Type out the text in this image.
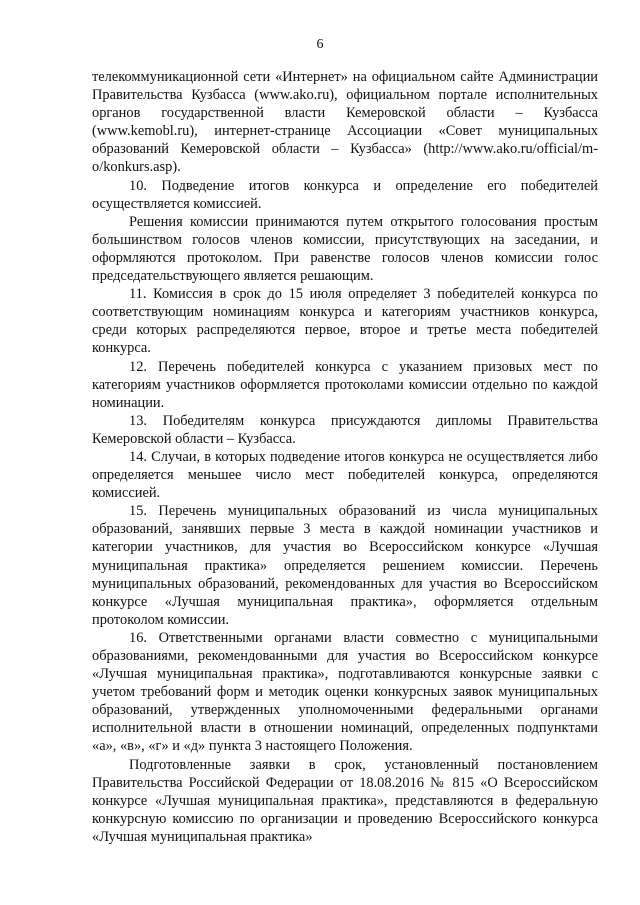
6

телекоммуникационной сети «Интернет» на официальном сайте Администрации Правительства Кузбасса (www.ako.ru), официальном портале исполнительных органов государственной власти Кемеровской области – Кузбасса (www.kemobl.ru), интернет-странице Ассоциации «Совет муниципальных образований Кемеровской области – Кузбасса» (http://www.ako.ru/official/m-o/konkurs.asp).

10. Подведение итогов конкурса и определение его победителей осуществляется комиссией.

Решения комиссии принимаются путем открытого голосования простым большинством голосов членов комиссии, присутствующих на заседании, и оформляются протоколом. При равенстве голосов членов комиссии голос председательствующего является решающим.

11. Комиссия в срок до 15 июля определяет 3 победителей конкурса по соответствующим номинациям конкурса и категориям участников конкурса, среди которых распределяются первое, второе и третье места победителей конкурса.

12. Перечень победителей конкурса с указанием призовых мест по категориям участников оформляется протоколами комиссии отдельно по каждой номинации.

13. Победителям конкурса присуждаются дипломы Правительства Кемеровской области – Кузбасса.

14. Случаи, в которых подведение итогов конкурса не осуществляется либо определяется меньшее число мест победителей конкурса, определяются комиссией.

15. Перечень муниципальных образований из числа муниципальных образований, занявших первые 3 места в каждой номинации участников и категории участников, для участия во Всероссийском конкурсе «Лучшая муниципальная практика» определяется решением комиссии. Перечень муниципальных образований, рекомендованных для участия во Всероссийском конкурсе «Лучшая муниципальная практика», оформляется отдельным протоколом комиссии.

16. Ответственными органами власти совместно с муниципальными образованиями, рекомендованными для участия во Всероссийском конкурсе «Лучшая муниципальная практика», подготавливаются конкурсные заявки с учетом требований форм и методик оценки конкурсных заявок муниципальных образований, утвержденных уполномоченными федеральными органами исполнительной власти в отношении номинаций, определенных подпунктами «а», «в», «г» и «д» пункта 3 настоящего Положения.

Подготовленные заявки в срок, установленный постановлением Правительства Российской Федерации от 18.08.2016 № 815 «О Всероссийском конкурсе «Лучшая муниципальная практика», представляются в федеральную конкурсную комиссию по организации и проведению Всероссийского конкурса «Лучшая муниципальная практика»
